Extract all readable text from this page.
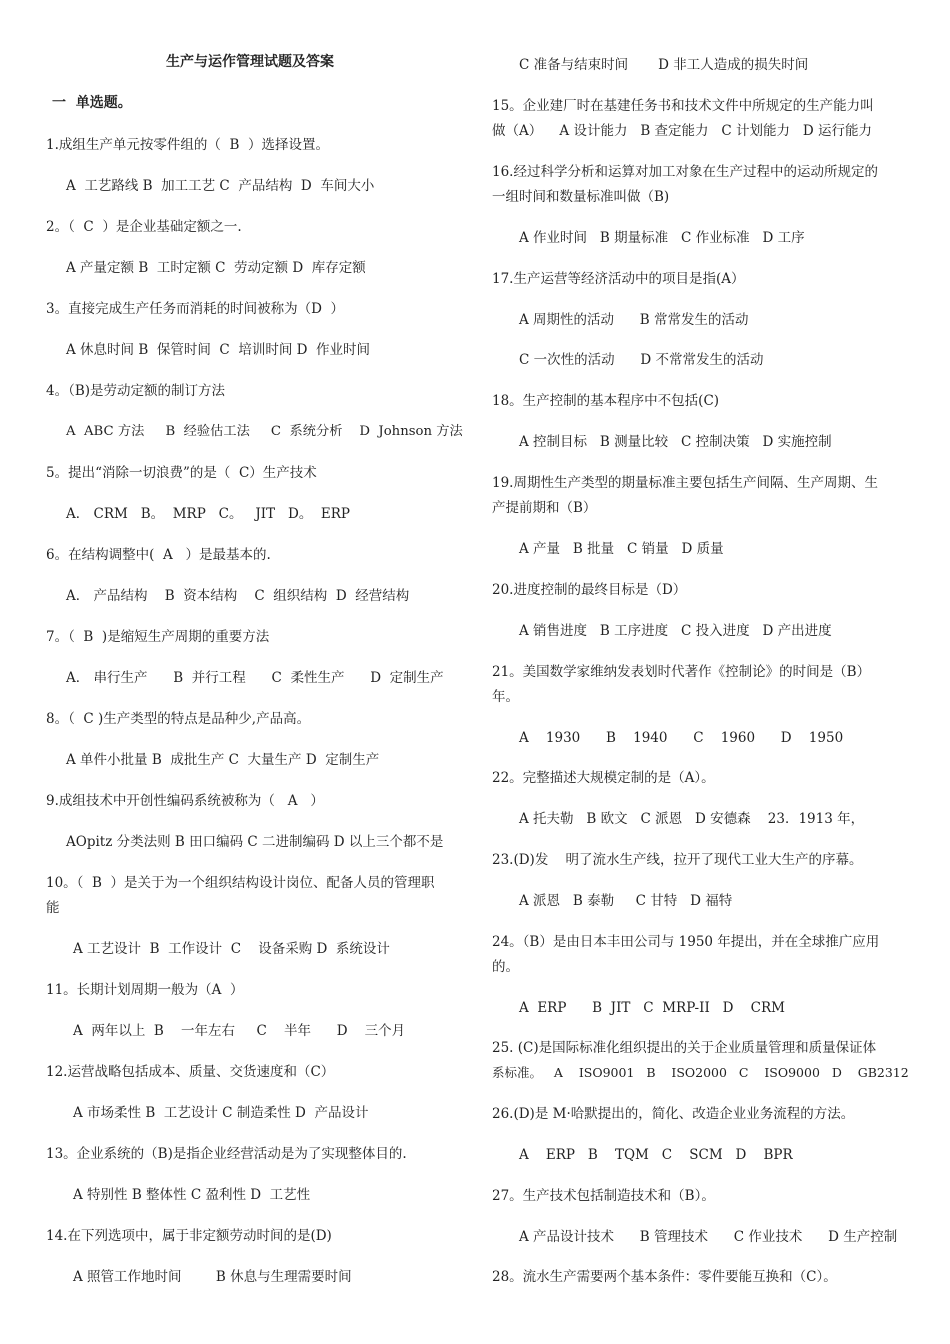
生产与运作管理试题及答案
一  单选题。
1.成组生产单元按零件组的（  B  ）选择设置。
A  工艺路线 B  加工工艺 C  产品结构  D  车间大小
2。（  C  ）是企业基础定额之一.
A 产量定额 B  工时定额 C  劳动定额 D  库存定额
3。直接完成生产任务而消耗的时间被称为（D  ）
A 休息时间 B  保管时间  C  培训时间 D  作业时间
4。（B)是劳动定额的制订方法
A  ABC 方法     B  经验估工法     C  系统分析    D  Johnson 方法
5。提出“消除一切浪费”的是（  C）生产技术
A． CRM   B。  MRP   C。   JIT   D。  ERP
6。在结构调整中(  A   ）是最基本的.
A． 产品结构    B  资本结构    C  组织结构  D  经营结构
7。（  B  )是缩短生产周期的重要方法
A． 串行生产      B  并行工程      C  柔性生产      D  定制生产
8。（  C )生产类型的特点是品种少,产品高。
A 单件小批量 B  成批生产 C  大量生产 D  定制生产
9.成组技术中开创性编码系统被称为（   A   ）
AOpitz 分类法则 B 田口编码 C 二进制编码 D 以上三个都不是
10。（  B  ）是关于为一个组织结构设计岗位、配备人员的管理职
能
A 工艺设计  B  工作设计  C    设备采购 D  系统设计
11。长期计划周期一般为（A  ）
A  两年以上  B    一年左右     C    半年      D    三个月
12.运营战略包括成本、质量、交货速度和（C）
A 市场柔性 B  工艺设计 C 制造柔性 D  产品设计
13。企业系统的（B)是指企业经营活动是为了实现整体目的.
A 特别性 B 整体性 C 盈利性 D  工艺性
14.在下列选项中，属于非定额劳动时间的是(D)
A 照管工作地时间        B 休息与生理需要时间
C 准备与结束时间       D 非工人造成的损失时间
15。企业建厂时在基建任务书和技术文件中所规定的生产能力叫
做（A）    A 设计能力   B 查定能力   C 计划能力   D 运行能力
16.经过科学分析和运算对加工对象在生产过程中的运动所规定的
一组时间和数量标准叫做（B)
A 作业时间   B 期量标准   C 作业标准   D 工序
17.生产运营等经济活动中的项目是指(A）
A 周期性的活动      B 常常发生的活动
C 一次性的活动      D 不常常发生的活动
18。生产控制的基本程序中不包括(C)
A 控制目标   B 测量比较   C 控制决策   D 实施控制
19.周期性生产类型的期量标准主要包括生产间隔、生产周期、生
产提前期和（B）
A 产量   B 批量   C 销量   D 质量
20.进度控制的最终目标是（D）
A 销售进度   B 工序进度   C 投入进度   D 产出进度
21。美国数学家维纳发表划时代著作《控制论》的时间是（B）
年。
A    1930      B    1940      C    1960      D    1950
22。完整描述大规模定制的是（A）。
A 托夫勒   B 欧文   C 派恩   D 安德森    23．1913 年，
23.(D)发    明了流水生产线，拉开了现代工业大生产的序幕。
A 派恩   B 泰勒     C 甘特   D 福特
24。（B）是由日本丰田公司与 1950 年提出，并在全球推广应用
的。
A  ERP      B  JIT   C  MRP-II   D    CRM
25. (C)是国际标准化组织提出的关于企业质量管理和质量保证体
系标准。   A    ISO9001   B    ISO2000   C    ISO9000   D    GB2312
26.(D)是 M·哈默提出的，简化、改造企业业务流程的方法。
A    ERP   B    TQM   C    SCM   D    BPR
27。生产技术包括制造技术和（B）。
A 产品设计技术      B 管理技术      C 作业技术      D 生产控制
28。流水生产需要两个基本条件：零件要能互换和（C）。
